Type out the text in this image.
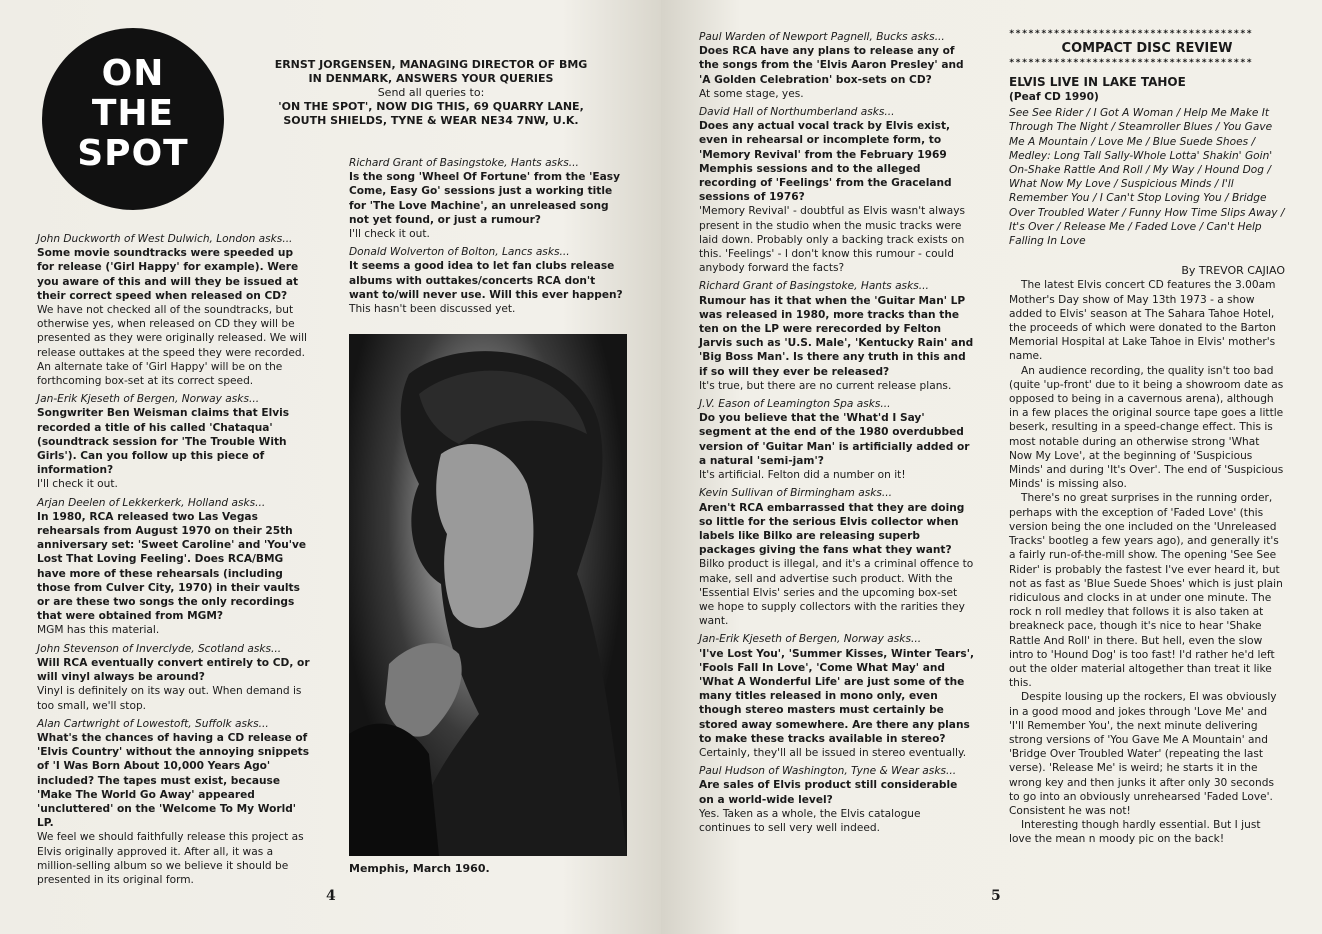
ON
THE
SPOT
ERNST JORGENSEN, MANAGING DIRECTOR OF BMG
IN DENMARK, ANSWERS YOUR QUERIES
Send all queries to:
'ON THE SPOT', NOW DIG THIS, 69 QUARRY LANE,
SOUTH SHIELDS, TYNE & WEAR NE34 7NW, U.K.

John Duckworth of West Dulwich, London asks...

Some movie soundtracks were speeded up for release ('Girl Happy' for example). Were you aware of this and will they be issued at their correct speed when released on CD?

We have not checked all of the soundtracks, but otherwise yes, when released on CD they will be presented as they were originally released. We will release outtakes at the speed they were recorded. An alternate take of 'Girl Happy' will be on the forthcoming box-set at its correct speed.

Jan-Erik Kjeseth of Bergen, Norway asks...

Songwriter Ben Weisman claims that Elvis recorded a title of his called 'Chataqua' (soundtrack session for 'The Trouble With Girls'). Can you follow up this piece of information?

I'll check it out.

Arjan Deelen of Lekkerkerk, Holland asks...

In 1980, RCA released two Las Vegas rehearsals from August 1970 on their 25th anniversary set: 'Sweet Caroline' and 'You've Lost That Loving Feeling'. Does RCA/BMG have more of these rehearsals (including those from Culver City, 1970) in their vaults or are these two songs the only recordings that were obtained from MGM?

MGM has this material.

John Stevenson of Inverclyde, Scotland asks...

Will RCA eventually convert entirely to CD, or will vinyl always be around?

Vinyl is definitely on its way out. When demand is too small, we'll stop.

Alan Cartwright of Lowestoft, Suffolk asks...

What's the chances of having a CD release of 'Elvis Country' without the annoying snippets of 'I Was Born About 10,000 Years Ago' included? The tapes must exist, because 'Make The World Go Away' appeared 'uncluttered' on the 'Welcome To My World' LP.

We feel we should faithfully release this project as Elvis originally approved it. After all, it was a million-selling album so we believe it should be presented in its original form.

Richard Grant of Basingstoke, Hants asks...

Is the song 'Wheel Of Fortune' from the 'Easy Come, Easy Go' sessions just a working title for 'The Love Machine', an unreleased song not yet found, or just a rumour?

I'll check it out.

Donald Wolverton of Bolton, Lancs asks...

It seems a good idea to let fan clubs release albums with outtakes/concerts RCA don't want to/will never use. Will this ever happen?

This hasn't been discussed yet.

Memphis, March 1960.
4

Paul Warden of Newport Pagnell, Bucks asks...

Does RCA have any plans to release any of the songs from the 'Elvis Aaron Presley' and 'A Golden Celebration' box-sets on CD?

At some stage, yes.

David Hall of Northumberland asks...

Does any actual vocal track by Elvis exist, even in rehearsal or incomplete form, to 'Memory Revival' from the February 1969 Memphis sessions and to the alleged recording of 'Feelings' from the Graceland sessions of 1976?

'Memory Revival' - doubtful as Elvis wasn't always present in the studio when the music tracks were laid down. Probably only a backing track exists on this. 'Feelings' - I don't know this rumour - could anybody forward the facts?

Richard Grant of Basingstoke, Hants asks...

Rumour has it that when the 'Guitar Man' LP was released in 1980, more tracks than the ten on the LP were rerecorded by Felton Jarvis such as 'U.S. Male', 'Kentucky Rain' and 'Big Boss Man'. Is there any truth in this and if so will they ever be released?

It's true, but there are no current release plans.

J.V. Eason of Leamington Spa asks...

Do you believe that the 'What'd I Say' segment at the end of the 1980 overdubbed version of 'Guitar Man' is artificially added or a natural 'semi-jam'?

It's artificial. Felton did a number on it!

Kevin Sullivan of Birmingham asks...

Aren't RCA embarrassed that they are doing so little for the serious Elvis collector when labels like Bilko are releasing superb packages giving the fans what they want?

Bilko product is illegal, and it's a criminal offence to make, sell and advertise such product. With the 'Essential Elvis' series and the upcoming box-set we hope to supply collectors with the rarities they want.

Jan-Erik Kjeseth of Bergen, Norway asks...

'I've Lost You', 'Summer Kisses, Winter Tears', 'Fools Fall In Love', 'Come What May' and 'What A Wonderful Life' are just some of the many titles released in mono only, even though stereo masters must certainly be stored away somewhere. Are there any plans to make these tracks available in stereo?

Certainly, they'll all be issued in stereo eventually.

Paul Hudson of Washington, Tyne & Wear asks...

Are sales of Elvis product still considerable on a world-wide level?

Yes. Taken as a whole, the Elvis catalogue continues to sell very well indeed.

**************************************
COMPACT DISC REVIEW
**************************************
ELVIS LIVE IN LAKE TAHOE
(Peaf CD 1990)
See See Rider / I Got A Woman / Help Me Make It Through The Night / Steamroller Blues / You Gave Me A Mountain / Love Me / Blue Suede Shoes / Medley: Long Tall Sally-Whole Lotta' Shakin' Goin' On-Shake Rattle And Roll / My Way / Hound Dog / What Now My Love / Suspicious Minds / I'll Remember You / I Can't Stop Loving You / Bridge Over Troubled Water / Funny How Time Slips Away / It's Over / Release Me / Faded Love / Can't Help Falling In Love
By TREVOR CAJIAO

The latest Elvis concert CD features the 3.00am Mother's Day show of May 13th 1973 - a show added to Elvis' season at The Sahara Tahoe Hotel, the proceeds of which were donated to the Barton Memorial Hospital at Lake Tahoe in Elvis' mother's name.

An audience recording, the quality isn't too bad (quite 'up-front' due to it being a showroom date as opposed to being in a cavernous arena), although in a few places the original source tape goes a little beserk, resulting in a speed-change effect. This is most notable during an otherwise strong 'What Now My Love', at the beginning of 'Suspicious Minds' and during 'It's Over'. The end of 'Suspicious Minds' is missing also.

There's no great surprises in the running order, perhaps with the exception of 'Faded Love' (this version being the one included on the 'Unreleased Tracks' bootleg a few years ago), and generally it's a fairly run-of-the-mill show. The opening 'See See Rider' is probably the fastest I've ever heard it, but not as fast as 'Blue Suede Shoes' which is just plain ridiculous and clocks in at under one minute. The rock n roll medley that follows it is also taken at breakneck pace, though it's nice to hear 'Shake Rattle And Roll' in there. But hell, even the slow intro to 'Hound Dog' is too fast! I'd rather he'd left out the older material altogether than treat it like this.

Despite lousing up the rockers, El was obviously in a good mood and jokes through 'Love Me' and 'I'll Remember You', the next minute delivering strong versions of 'You Gave Me A Mountain' and 'Bridge Over Troubled Water' (repeating the last verse). 'Release Me' is weird; he starts it in the wrong key and then junks it after only 30 seconds to go into an obviously unrehearsed 'Faded Love'. Consistent he was not!

Interesting though hardly essential. But I just love the mean n moody pic on the back!

5
